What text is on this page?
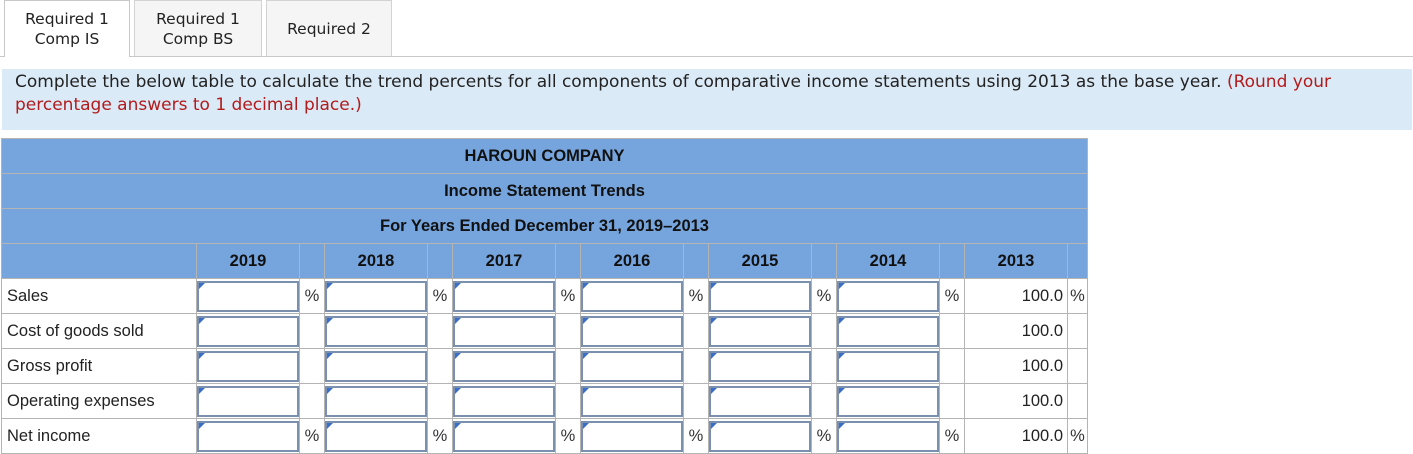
Required 1
Comp IS
Required 1
Comp BS
Required 2
Complete the below table to calculate the trend percents for all components of comparative income statements using 2013 as the base year. (Round your percentage answers to 1 decimal place.)
HAROUN COMPANY														
Income Statement Trends														
For Years Ended December 31, 2019–2013														
	2019		2018		2017		2016		2015		2014		2013	
Sales		%		%		%		%		%		%	100.0	%
Cost of goods sold													100.0	
Gross profit													100.0	
Operating expenses													100.0	
Net income		%		%		%		%		%		%	100.0	%
